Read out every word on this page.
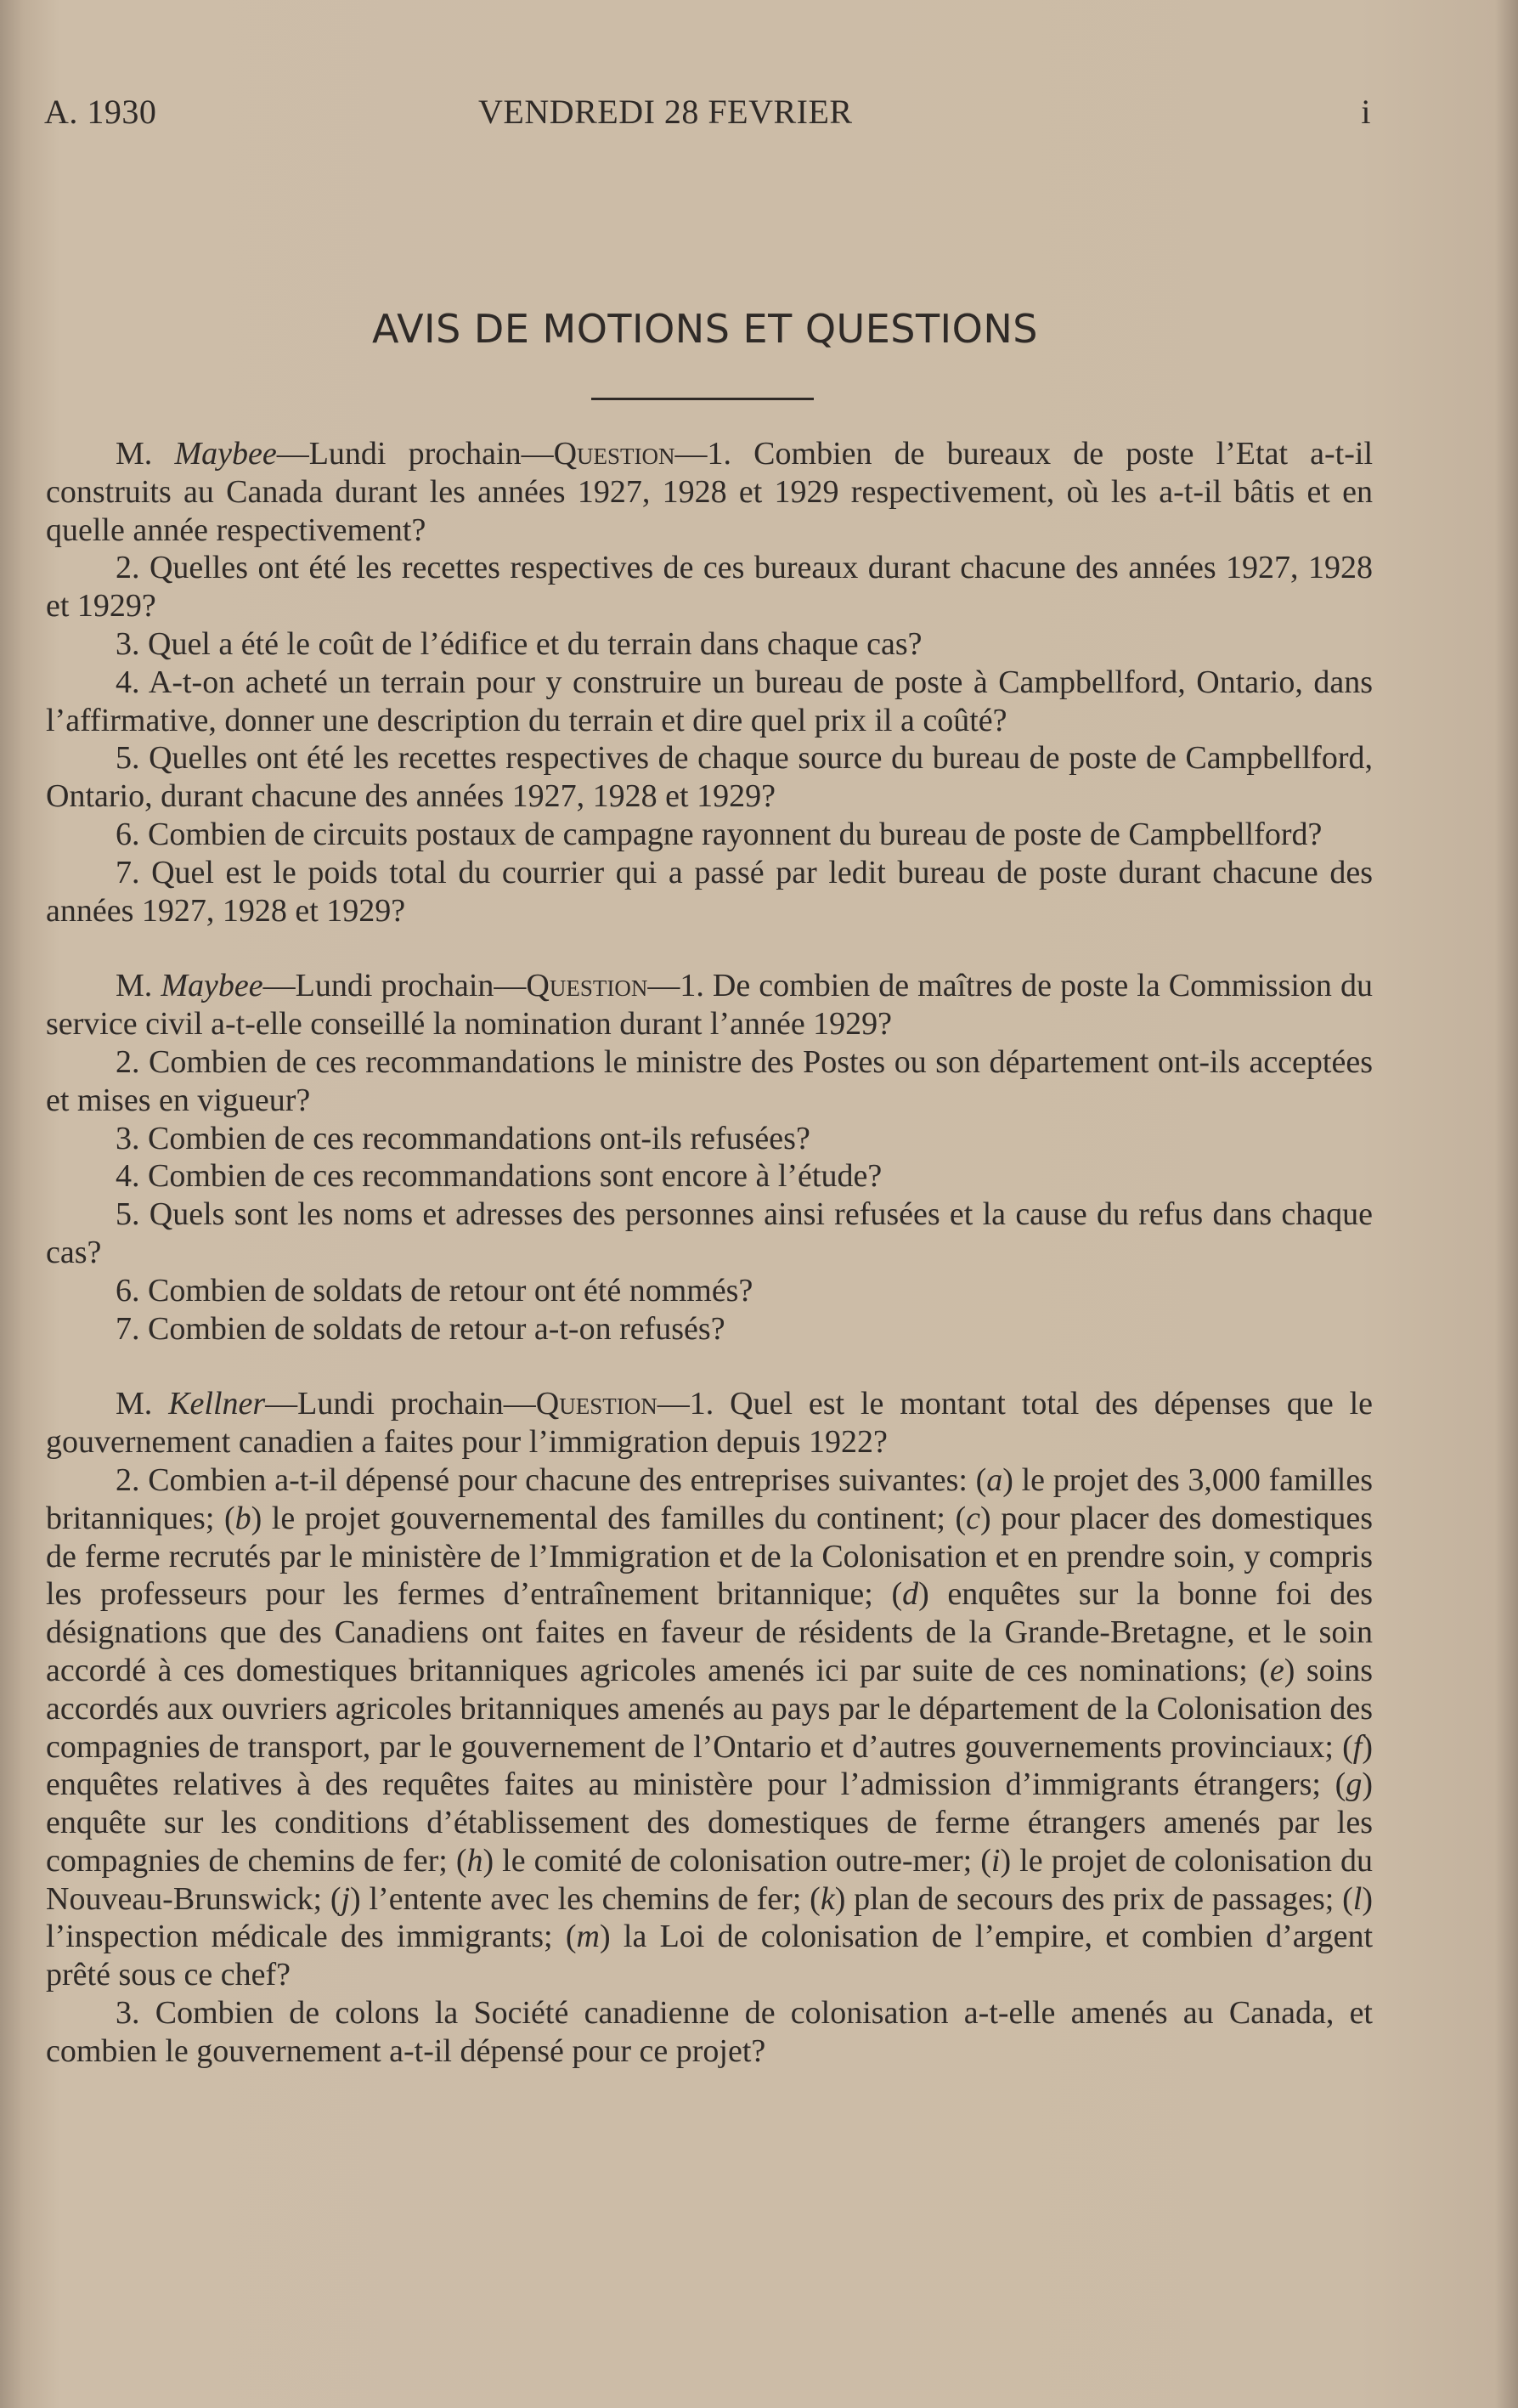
A. 1930	VENDREDI 28 FEVRIER	i
AVIS DE MOTIONS ET QUESTIONS

M. Maybee—Lundi prochain—Question—1. Combien de bureaux de poste l’Etat a-t-il construits au Canada durant les années 1927, 1928 et 1929 respectivement, où les a-t-il bâtis et en quelle année respectivement?

2. Quelles ont été les recettes respectives de ces bureaux durant chacune des années 1927, 1928 et 1929?

3. Quel a été le coût de l’édifice et du terrain dans chaque cas?

4. A-t-on acheté un terrain pour y construire un bureau de poste à Campbellford, Ontario, dans l’affirmative, donner une description du terrain et dire quel prix il a coûté?

5. Quelles ont été les recettes respectives de chaque source du bureau de poste de Campbellford, Ontario, durant chacune des années 1927, 1928 et 1929?

6. Combien de circuits postaux de campagne rayonnent du bureau de poste de Campbellford?

7. Quel est le poids total du courrier qui a passé par ledit bureau de poste durant chacune des années 1927, 1928 et 1929?

M. Maybee—Lundi prochain—Question—1. De combien de maîtres de poste la Commission du service civil a-t-elle conseillé la nomination durant l’année 1929?

2. Combien de ces recommandations le ministre des Postes ou son département ont-ils acceptées et mises en vigueur?

3. Combien de ces recommandations ont-ils refusées?

4. Combien de ces recommandations sont encore à l’étude?

5. Quels sont les noms et adresses des personnes ainsi refusées et la cause du refus dans chaque cas?

6. Combien de soldats de retour ont été nommés?

7. Combien de soldats de retour a-t-on refusés?

M. Kellner—Lundi prochain—Question—1. Quel est le montant total des dépenses que le gouvernement canadien a faites pour l’immigration depuis 1922?

2. Combien a-t-il dépensé pour chacune des entreprises suivantes: (a) le projet des 3,000 familles britanniques; (b) le projet gouvernemental des familles du continent; (c) pour placer des domestiques de ferme recrutés par le ministère de l’Immigration et de la Colonisation et en prendre soin, y compris les professeurs pour les fermes d’entraînement britannique; (d) enquêtes sur la bonne foi des désignations que des Canadiens ont faites en faveur de résidents de la Grande-Bretagne, et le soin accordé à ces domestiques britanniques agricoles amenés ici par suite de ces nominations; (e) soins accordés aux ouvriers agricoles britanniques amenés au pays par le département de la Colonisation des compagnies de transport, par le gouvernement de l’Ontario et d’autres gouvernements provinciaux; (f) enquêtes relatives à des requêtes faites au ministère pour l’admission d’immigrants étrangers; (g) enquête sur les conditions d’établissement des domestiques de ferme étrangers amenés par les compagnies de chemins de fer; (h) le comité de colonisation outre-mer; (i) le projet de colonisation du Nouveau-Brunswick; (j) l’entente avec les chemins de fer; (k) plan de secours des prix de passages; (l) l’inspection médicale des immigrants; (m) la Loi de colonisation de l’empire, et combien d’argent prêté sous ce chef?

3. Combien de colons la Société canadienne de colonisation a-t-elle amenés au Canada, et combien le gouvernement a-t-il dépensé pour ce projet?
